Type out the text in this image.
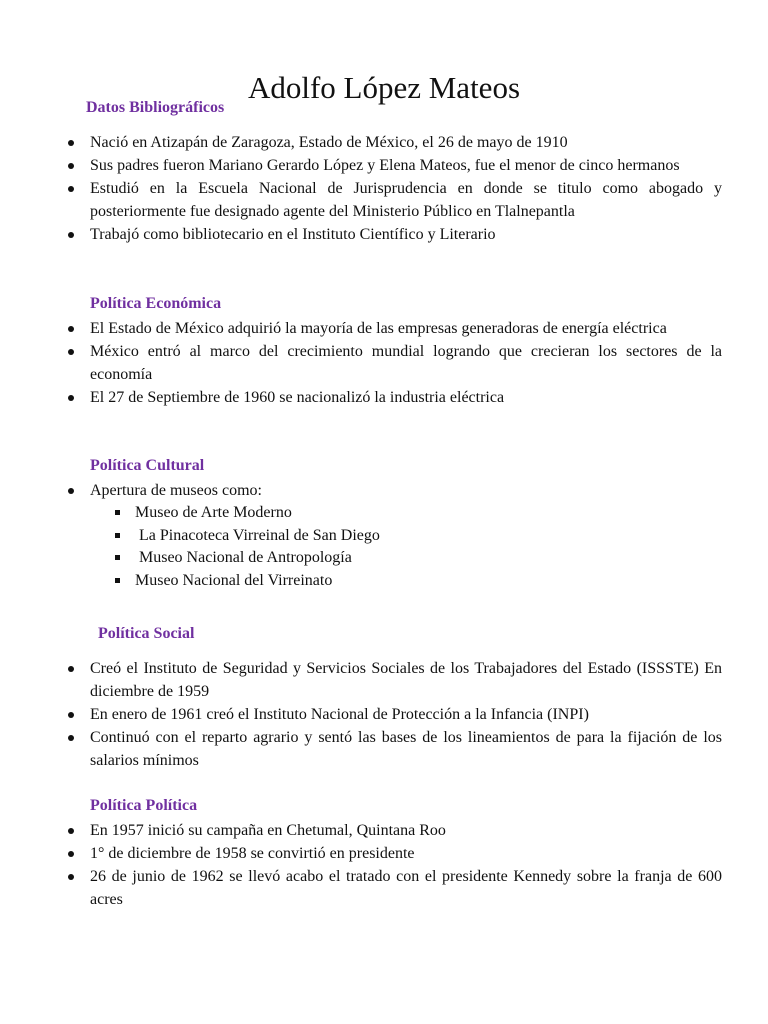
Adolfo López Mateos
Datos Bibliográficos
Nació en Atizapán de Zaragoza, Estado de México, el 26 de mayo de 1910
Sus padres fueron Mariano Gerardo López y Elena Mateos, fue el menor de cinco hermanos
Estudió en la Escuela Nacional de Jurisprudencia en donde se titulo como abogado y posteriormente fue designado agente del Ministerio Público en Tlalnepantla
Trabajó como bibliotecario en el Instituto Científico y Literario
Política Económica
El Estado de México adquirió la mayoría de las empresas generadoras de energía eléctrica
México entró al marco del crecimiento mundial logrando que crecieran los sectores de la economía
El 27 de Septiembre de 1960 se nacionalizó la industria eléctrica
Política Cultural
Apertura de museos como:
Museo de Arte Moderno
La Pinacoteca Virreinal de San Diego
Museo Nacional de Antropología
Museo Nacional del Virreinato
Política Social
Creó el Instituto de Seguridad y Servicios Sociales de los Trabajadores del Estado (ISSSTE) En diciembre de 1959
En enero de 1961 creó el Instituto Nacional de Protección a la Infancia (INPI)
Continuó con el reparto agrario y sentó las bases de los lineamientos de para la fijación de los salarios mínimos
Política Política
En 1957 inició su campaña en Chetumal, Quintana Roo
1° de diciembre de 1958 se convirtió en presidente
26 de junio de 1962 se llevó acabo el tratado con el presidente Kennedy sobre la franja de 600 acres
